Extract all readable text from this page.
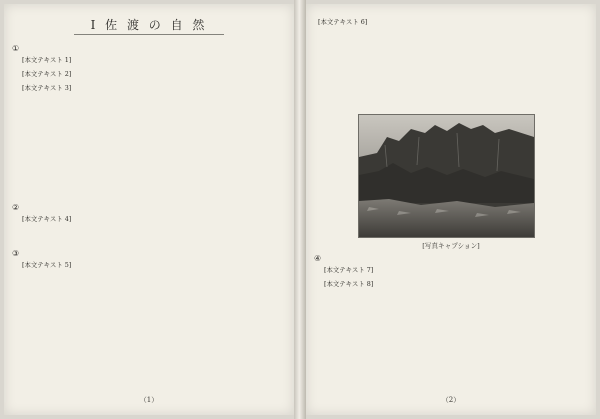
Ⅰ 佐 渡 の 自 然
①
[本文テキスト 1]
[本文テキスト 2]
[本文テキスト 3]
②
[本文テキスト 4]
③
[本文テキスト 5]
（1）
[本文テキスト 6]
[写真キャプション]
④
[本文テキスト 7]
[本文テキスト 8]
（2）
